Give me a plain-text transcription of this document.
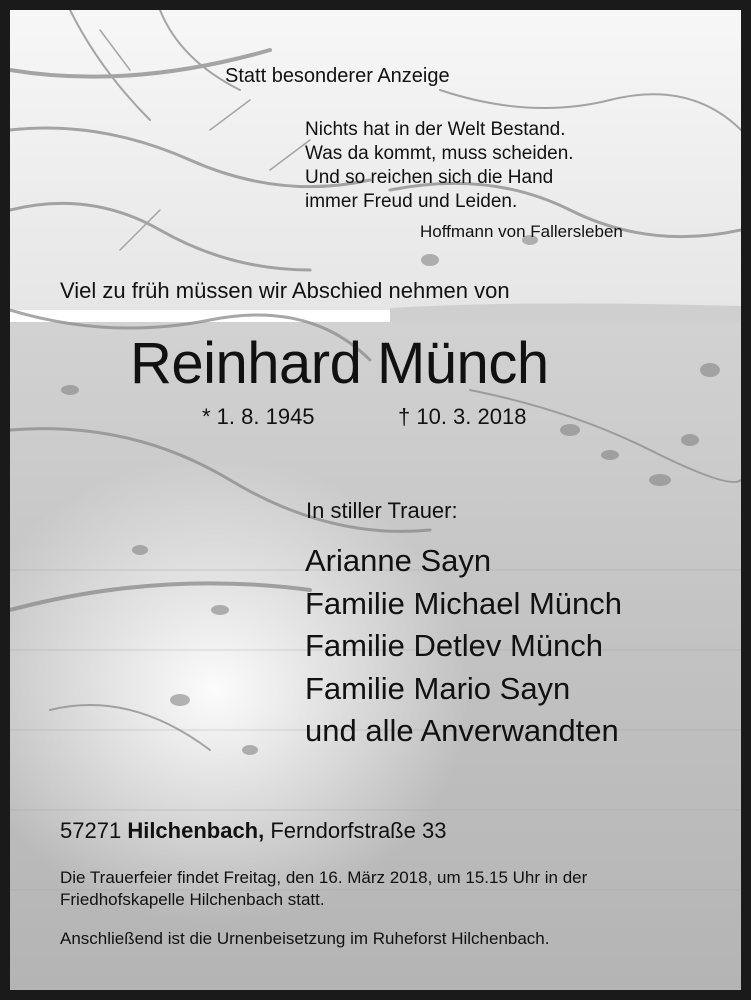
Statt besonderer Anzeige
Nichts hat in der Welt Bestand.
Was da kommt, muss scheiden.
Und so reichen sich die Hand
immer Freud und Leiden.
Hoffmann von Fallersleben
Viel zu früh müssen wir Abschied nehmen von
Reinhard Münch
* 1. 8. 1945	† 10. 3. 2018
In stiller Trauer:
Arianne Sayn
Familie Michael Münch
Familie Detlev Münch
Familie Mario Sayn
und alle Anverwandten
57271 Hilchenbach, Ferndorfstraße 33
Die Trauerfeier findet Freitag, den 16. März 2018, um 15.15 Uhr in der
Friedhofskapelle Hilchenbach statt.
Anschließend ist die Urnenbeisetzung im Ruheforst Hilchenbach.
